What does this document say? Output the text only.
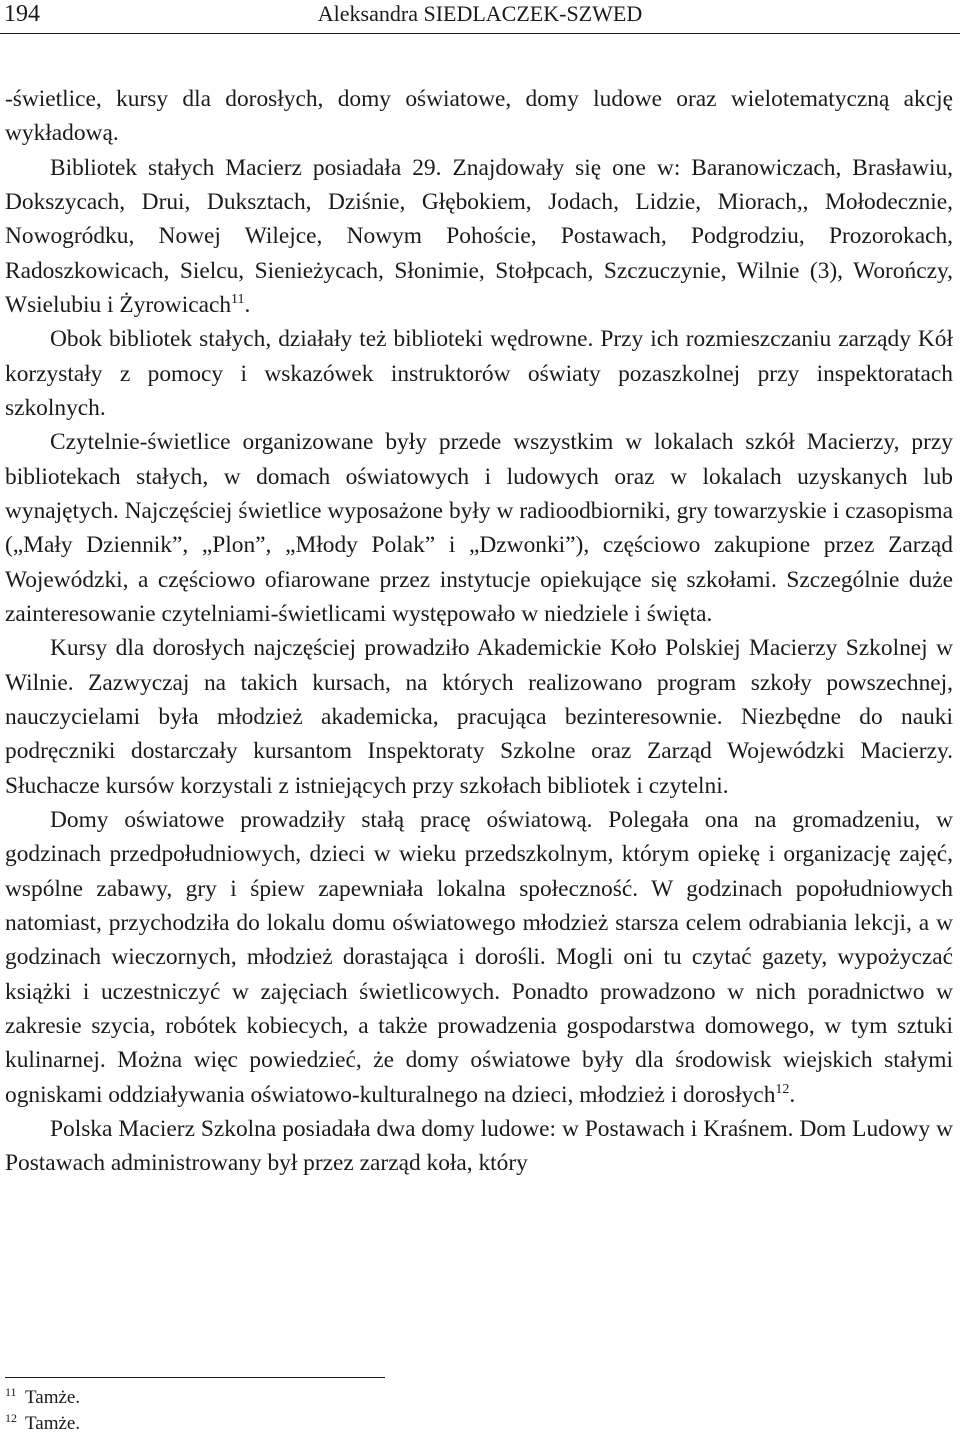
194	Aleksandra SIEDLACZEK-SZWED

-świetlice, kursy dla dorosłych, domy oświatowe, domy ludowe oraz wielotematyczną akcję wykładową.

Bibliotek stałych Macierz posiadała 29. Znajdowały się one w: Baranowiczach, Brasławiu, Dokszycach, Drui, Duksztach, Dziśnie, Głębokiem, Jodach, Lidzie, Miorach,, Mołodecznie, Nowogródku, Nowej Wilejce, Nowym Pohoście, Postawach, Podgrodziu, Prozorokach, Radoszkowicach, Sielcu, Sienieżycach, Słonimie, Stołpcach, Szczuczynie, Wilnie (3), Worończy, Wsielubiu i Żyrowicach$^{11}$.

Obok bibliotek stałych, działały też biblioteki wędrowne. Przy ich rozmieszczaniu zarządy Kół korzystały z pomocy i wskazówek instruktorów oświaty pozaszkolnej przy inspektoratach szkolnych.

Czytelnie-świetlice organizowane były przede wszystkim w lokalach szkół Macierzy, przy bibliotekach stałych, w domach oświatowych i ludowych oraz w lokalach uzyskanych lub wynajętych. Najczęściej świetlice wyposażone były w radioodbiorniki, gry towarzyskie i czasopisma („Mały Dziennik”, „Plon”, „Młody Polak” i „Dzwonki”), częściowo zakupione przez Zarząd Wojewódzki, a częściowo ofiarowane przez instytucje opiekujące się szkołami. Szczególnie duże zainteresowanie czytelniami-świetlicami występowało w niedziele i święta.

Kursy dla dorosłych najczęściej prowadziło Akademickie Koło Polskiej Macierzy Szkolnej w Wilnie. Zazwyczaj na takich kursach, na których realizowano program szkoły powszechnej, nauczycielami była młodzież akademicka, pracująca bezinteresownie. Niezbędne do nauki podręczniki dostarczały kursantom Inspektoraty Szkolne oraz Zarząd Wojewódzki Macierzy. Słuchacze kursów korzystali z istniejących przy szkołach bibliotek i czytelni.

Domy oświatowe prowadziły stałą pracę oświatową. Polegała ona na gromadzeniu, w godzinach przedpołudniowych, dzieci w wieku przedszkolnym, którym opiekę i organizację zajęć, wspólne zabawy, gry i śpiew zapewniała lokalna społeczność. W godzinach popołudniowych natomiast, przychodziła do lokalu domu oświatowego młodzież starsza celem odrabiania lekcji, a w godzinach wieczornych, młodzież dorastająca i dorośli. Mogli oni tu czytać gazety, wypożyczać książki i uczestniczyć w zajęciach świetlicowych. Ponadto prowadzono w nich poradnictwo w zakresie szycia, robótek kobiecych, a także prowadzenia gospodarstwa domowego, w tym sztuki kulinarnej. Można więc powiedzieć, że domy oświatowe były dla środowisk wiejskich stałymi ogniskami oddziaływania oświatowo-kulturalnego na dzieci, młodzież i dorosłych$^{12}$.

Polska Macierz Szkolna posiadała dwa domy ludowe: w Postawach i Kraśnem. Dom Ludowy w Postawach administrowany był przez zarząd koła, który

$^{11}$ Tamże.

$^{12}$ Tamże.
